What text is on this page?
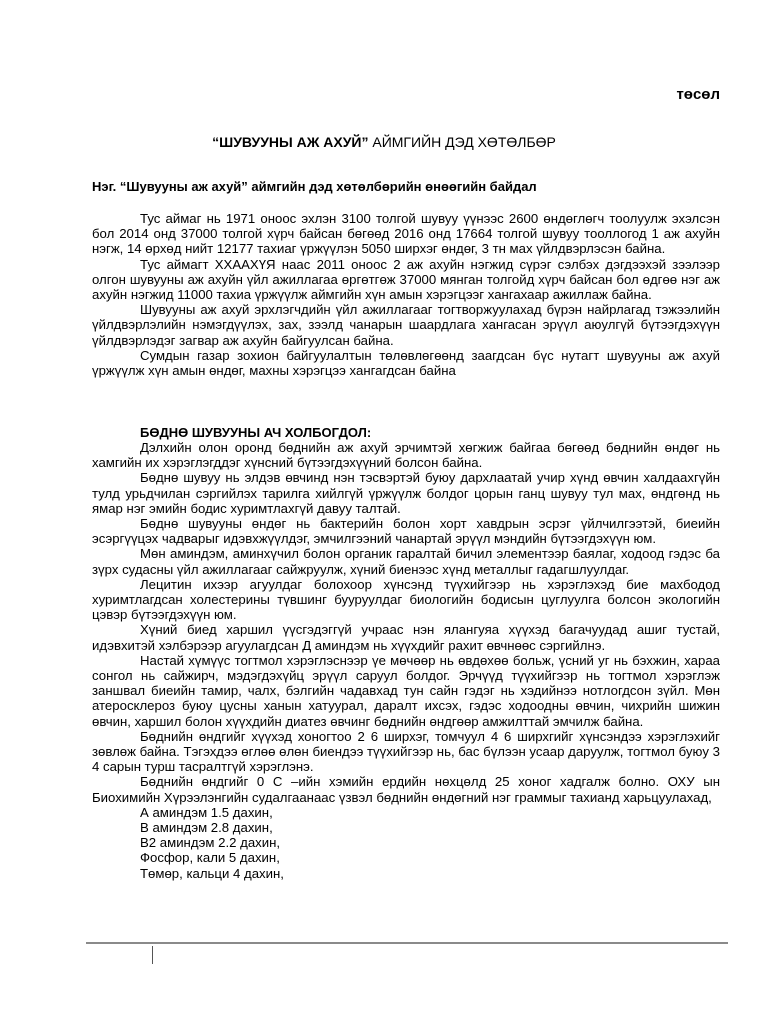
төсөл
“ШУВУУНЫ АЖ АХУЙ” АЙМГИЙН ДЭД ХӨТӨЛБӨР
Нэг. “Шувууны аж ахуй” аймгийн дэд хөтөлбөрийн өнөөгийн байдал

Тус аймаг нь 1971 оноос эхлэн 3100 толгой шувуу үүнээс 2600 өндөглөгч тоолуулж эхэлсэн бол 2014 онд 37000 толгой хүрч байсан бөгөөд 2016 онд 17664 толгой шувуу тооллогод 1 аж ахуйн нэгж, 14 өрхөд нийт 12177 тахиаг үржүүлэн 5050 ширхэг өндөг, 3 тн мах үйлдвэрлэсэн байна.

Тус аймагт ХХААХҮЯ наас 2011 оноос 2 аж ахуйн нэгжид сүрэг сэлбэх дэгдээхэй зээлээр олгон шувууны аж ахуйн үйл ажиллагаа өргөтгөж 37000 мянган толгойд хүрч байсан бол өдгөө нэг аж ахуйн нэгжид 11000 тахиа үржүүлж аймгийн хүн амын хэрэгцээг хангахаар ажиллаж байна.

Шувууны аж ахуй эрхлэгчдийн үйл ажиллагааг тогтворжуулахад бүрэн найрлагад тэжээлийн үйлдвэрлэлийн нэмэгдүүлэх, зах, зээлд чанарын шаардлага хангасан эрүүл аюулгүй бүтээгдэхүүн үйлдвэрлэдэг загвар аж ахуйн байгуулсан байна.

Сумдын газар зохион байгуулалтын төлөвлөгөөнд заагдсан бүс нутагт шувууны аж ахуй үржүүлж хүн амын өндөг, махны хэрэгцээ хангагдсан байна

БӨДНӨ ШУВУУНЫ АЧ ХОЛБОГДОЛ:

Дэлхийн олон оронд бөднийн аж ахуй эрчимтэй хөгжиж байгаа бөгөөд бөднийн өндөг нь хамгийн их хэрэглэгддэг хүнсний бүтээгдэхүүний болсон байна.

Бөднө шувуу нь элдэв өвчинд нэн тэсвэртэй буюу дархлаатай учир хүнд өвчин халдаахгүйн тулд урьдчилан сэргийлэх тарилга хийлгүй үржүүлж болдог цорын ганц шувуу тул мах, өндгөнд нь ямар нэг эмийн бодис хуримтлахгүй давуу талтай.

Бөднө шувууны өндөг нь бактерийн болон хорт хавдрын эсрэг үйлчилгээтэй, биеийн эсэргүүцэх чадварыг идэвхжүүлдэг, эмчилгээний чанартай эрүүл мэндийн бүтээгдэхүүн юм.

Мөн аминдэм, аминхүчил болон органик гаралтай бичил элементээр баялаг, ходоод гэдэс ба зүрх судасны үйл ажиллагааг сайжруулж, хүний биенээс хүнд металлыг гадагшлуулдаг.

Лецитин ихээр агуулдаг болохоор хүнсэнд түүхийгээр нь хэрэглэхэд бие махбодод хуримтлагдсан холестерины түвшинг бууруулдаг биологийн бодисын цуглуулга болсон экологийн цэвэр бүтээгдэхүүн юм.

Хүний биед харшил үүсгэдэггүй учраас нэн ялангуяа хүүхэд багачуудад ашиг тустай, идэвхитэй хэлбэрээр агуулагдсан Д аминдэм нь хүүхдийг рахит өвчнөөс сэргийлнэ.

Настай хүмүүс тогтмол хэрэглэснээр үе мөчөөр нь өвдөхөө больж, үсний уг нь бэхжин, хараа сонгол нь сайжирч, мэдэгдэхүйц эрүүл саруул болдог. Эрчүүд түүхийгээр нь тогтмол хэрэглэж заншвал биеийн тамир, чалх, бэлгийн чадавхад тун сайн гэдэг нь хэдийнээ нотлогдсон зүйл. Мөн атеросклероз буюу цусны ханын хатуурал, даралт ихсэх, гэдэс ходоодны өвчин, чихрийн шижин өвчин, харшил болон хүүхдийн диатез өвчинг бөднийн өндгөөр амжилттай эмчилж байна.

Бөднийн өндгийг хүүхэд хоногтоо 2 6 ширхэг, томчуул 4 6 ширхгийг хүнсэндээ хэрэглэхийг зөвлөж байна. Тэгэхдээ өглөө өлөн биендээ түүхийгээр нь, бас бүлээн усаар даруулж, тогтмол буюу 3 4 сарын турш тасралтгүй хэрэглэнэ.

Бөднийн өндгийг 0 С –ийн хэмийн ердийн нөхцөлд 25 хоног хадгалж болно. ОХУ ын Биохимийн Хүрээлэнгийн судалгаанаас үзвэл бөднийн өндөгний нэг граммыг тахианд харьцуулахад,

А аминдэм 1.5 дахин,
В аминдэм 2.8 дахин,
В2 аминдэм 2.2 дахин,
Фосфор, кали 5 дахин,
Төмөр, кальци 4 дахин,
